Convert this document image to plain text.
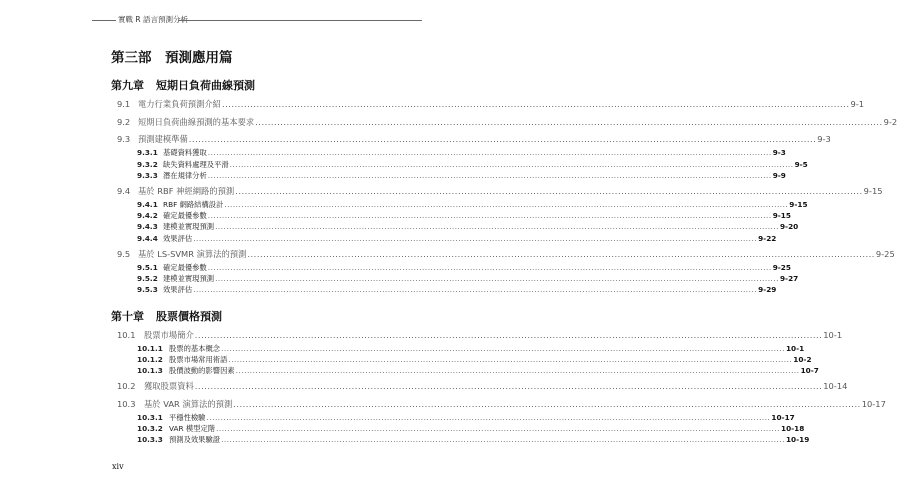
實戰 R 語言預測分析
第三部　預測應用篇
第九章 短期日負荷曲線預測
9.1 電力行業負荷預測介紹 ........................................................................................................................................................................................................ 9-1
9.2 短期日負荷曲線預測的基本要求 ........................................................................................................................................................................................................ 9-2
9.3 預測建模準備 ........................................................................................................................................................................................................ 9-3
9.3.1 基礎資料獲取 ........................................................................................................................................................................................................ 9-3
9.3.2 缺失資料處理及平滑 ........................................................................................................................................................................................................ 9-5
9.3.3 潛在規律分析 ........................................................................................................................................................................................................ 9-9
9.4 基於 RBF 神經網路的預測 ........................................................................................................................................................................................................ 9-15
9.4.1 RBF 網路結構設計 ........................................................................................................................................................................................................ 9-15
9.4.2 確定最優參數 ........................................................................................................................................................................................................ 9-15
9.4.3 建模並實現預測 ........................................................................................................................................................................................................ 9-20
9.4.4 效果評估 ........................................................................................................................................................................................................ 9-22
9.5 基於 LS-SVMR 演算法的預測 ........................................................................................................................................................................................................ 9-25
9.5.1 確定最優參數 ........................................................................................................................................................................................................ 9-25
9.5.2 建模並實現預測 ........................................................................................................................................................................................................ 9-27
9.5.3 效果評估 ........................................................................................................................................................................................................ 9-29
第十章 股票價格預測
10.1	股票市場簡介 ........................................................................................................................................................................................................ 10-1
10.1.1 股票的基本概念 ........................................................................................................................................................................................................ 10-1
10.1.2 股票市場常用術語 ........................................................................................................................................................................................................ 10-2
10.1.3 股價波動的影響因素 ........................................................................................................................................................................................................ 10-7
10.2	獲取股票資料 ........................................................................................................................................................................................................ 10-14
10.3	基於 VAR 演算法的預測 ........................................................................................................................................................................................................ 10-17
10.3.1 平穩性檢驗 ........................................................................................................................................................................................................ 10-17
10.3.2 VAR 模型定階 ........................................................................................................................................................................................................ 10-18
10.3.3 預測及效果驗證 ........................................................................................................................................................................................................ 10-19
xiv
